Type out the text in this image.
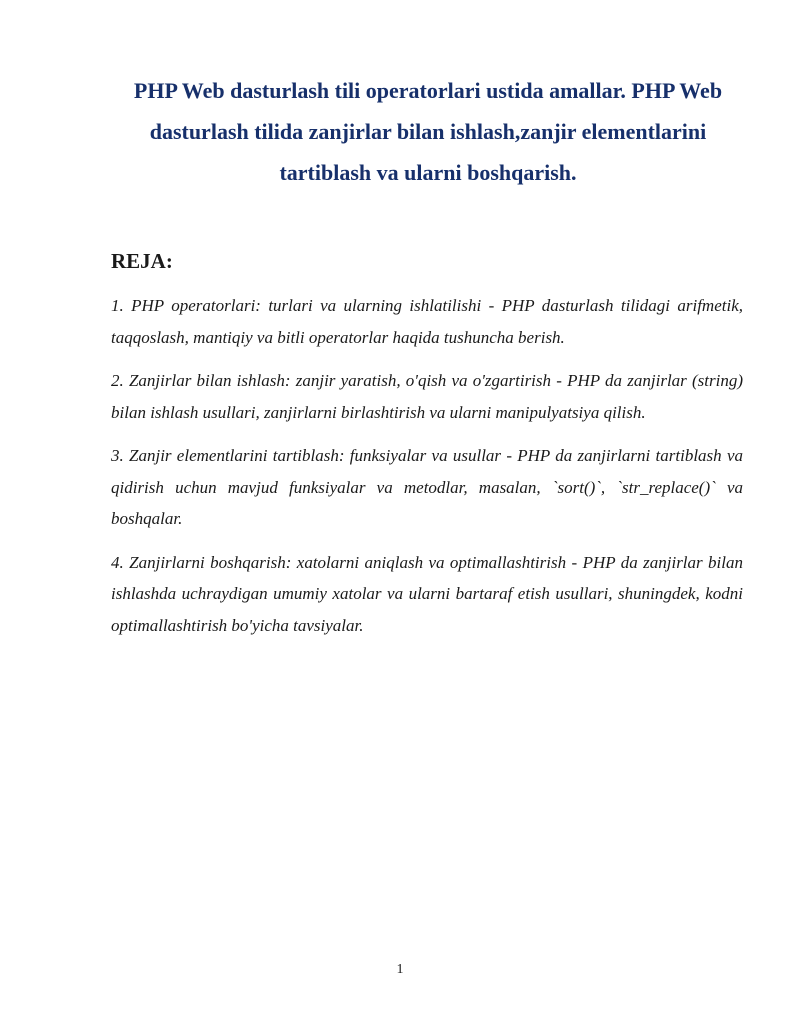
PHP Web dasturlash tili operatorlari ustida amallar. PHP Web dasturlash tilida zanjirlar bilan ishlash,zanjir elementlarini tartiblash va ularni boshqarish.
REJA:
1. PHP operatorlari: turlari va ularning ishlatilishi - PHP dasturlash tilidagi arifmetik, taqqoslash, mantiqiy va bitli operatorlar haqida tushuncha berish.
2. Zanjirlar bilan ishlash: zanjir yaratish, o'qish va o'zgartirish - PHP da zanjirlar (string) bilan ishlash usullari, zanjirlarni birlashtirish va ularni manipulyatsiya qilish.
3. Zanjir elementlarini tartiblash: funksiyalar va usullar - PHP da zanjirlarni tartiblash va qidirish uchun mavjud funksiyalar va metodlar, masalan, `sort()`, `str_replace()` va boshqalar.
4. Zanjirlarni boshqarish: xatolarni aniqlash va optimallashtirish - PHP da zanjirlar bilan ishlashda uchraydigan umumiy xatolar va ularni bartaraf etish usullari, shuningdek, kodni optimallashtirish bo'yicha tavsiyalar.
1
